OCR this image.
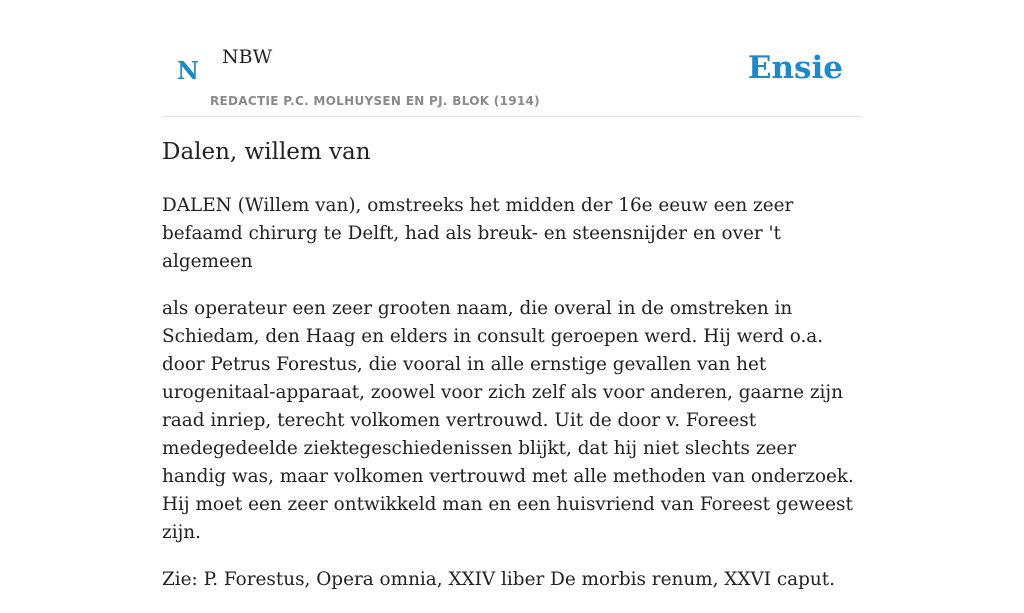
N NBW
REDACTIE P.C. MOLHUYSEN EN PJ. BLOK (1914)
Ensie
Dalen, willem van

DALEN (Willem van), omstreeks het midden der 16e eeuw een zeer befaamd chirurg te Delft, had als breuk- en steensnijder en over 't algemeen

als operateur een zeer grooten naam, die overal in de omstreken in Schiedam, den Haag en elders in consult geroepen werd. Hij werd o.a. door Petrus Forestus, die vooral in alle ernstige gevallen van het urogenitaal-apparaat, zoowel voor zich zelf als voor anderen, gaarne zijn raad inriep, terecht volkomen vertrouwd. Uit de door v. Foreest medegedeelde ziektegeschiedenissen blijkt, dat hij niet slechts zeer handig was, maar volkomen vertrouwd met alle methoden van onderzoek. Hij moet een zeer ontwikkeld man en een huisvriend van Foreest geweest zijn.

Zie: P. Forestus, Opera omnia, XXIV liber De morbis renum, XXVI caput.
